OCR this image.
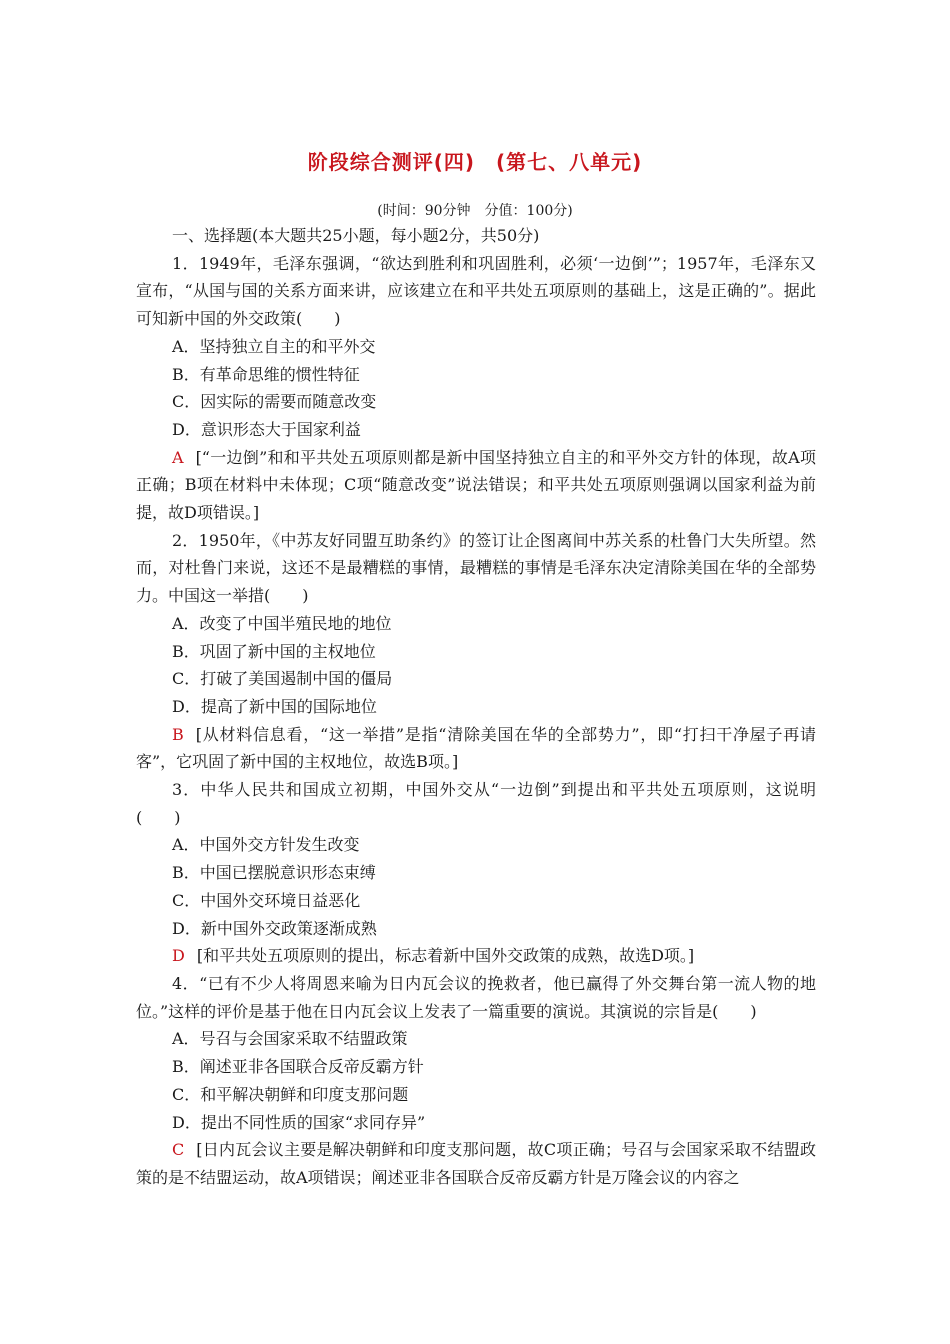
阶段综合测评(四)　(第七、八单元)
(时间：90分钟　分值：100分)

一、选择题(本大题共25小题，每小题2分，共50分)

1．1949年，毛泽东强调，“欲达到胜利和巩固胜利，必须‘一边倒’”；1957年，毛泽东又宣布，“从国与国的关系方面来讲，应该建立在和平共处五项原则的基础上，这是正确的”。据此可知新中国的外交政策(　　)

A．坚持独立自主的和平外交

B．有革命思维的惯性特征

C．因实际的需要而随意改变

D．意识形态大于国家利益

A [“一边倒”和和平共处五项原则都是新中国坚持独立自主的和平外交方针的体现，故A项正确；B项在材料中未体现；C项“随意改变”说法错误；和平共处五项原则强调以国家利益为前提，故D项错误。]

2．1950年，《中苏友好同盟互助条约》的签订让企图离间中苏关系的杜鲁门大失所望。然而，对杜鲁门来说，这还不是最糟糕的事情，最糟糕的事情是毛泽东决定清除美国在华的全部势力。中国这一举措(　　)

A．改变了中国半殖民地的地位

B．巩固了新中国的主权地位

C．打破了美国遏制中国的僵局

D．提高了新中国的国际地位

B [从材料信息看，“这一举措”是指“清除美国在华的全部势力”，即“打扫干净屋子再请客”，它巩固了新中国的主权地位，故选B项。]

3．中华人民共和国成立初期，中国外交从“一边倒”到提出和平共处五项原则，这说明(　　)

A．中国外交方针发生改变

B．中国已摆脱意识形态束缚

C．中国外交环境日益恶化

D．新中国外交政策逐渐成熟

D [和平共处五项原则的提出，标志着新中国外交政策的成熟，故选D项。]

4．“已有不少人将周恩来喻为日内瓦会议的挽救者，他已赢得了外交舞台第一流人物的地位。”这样的评价是基于他在日内瓦会议上发表了一篇重要的演说。其演说的宗旨是(　　)

A．号召与会国家采取不结盟政策

B．阐述亚非各国联合反帝反霸方针

C．和平解决朝鲜和印度支那问题

D．提出不同性质的国家“求同存异”

C [日内瓦会议主要是解决朝鲜和印度支那问题，故C项正确；号召与会国家采取不结盟政策的是不结盟运动，故A项错误；阐述亚非各国联合反帝反霸方针是万隆会议的内容之
